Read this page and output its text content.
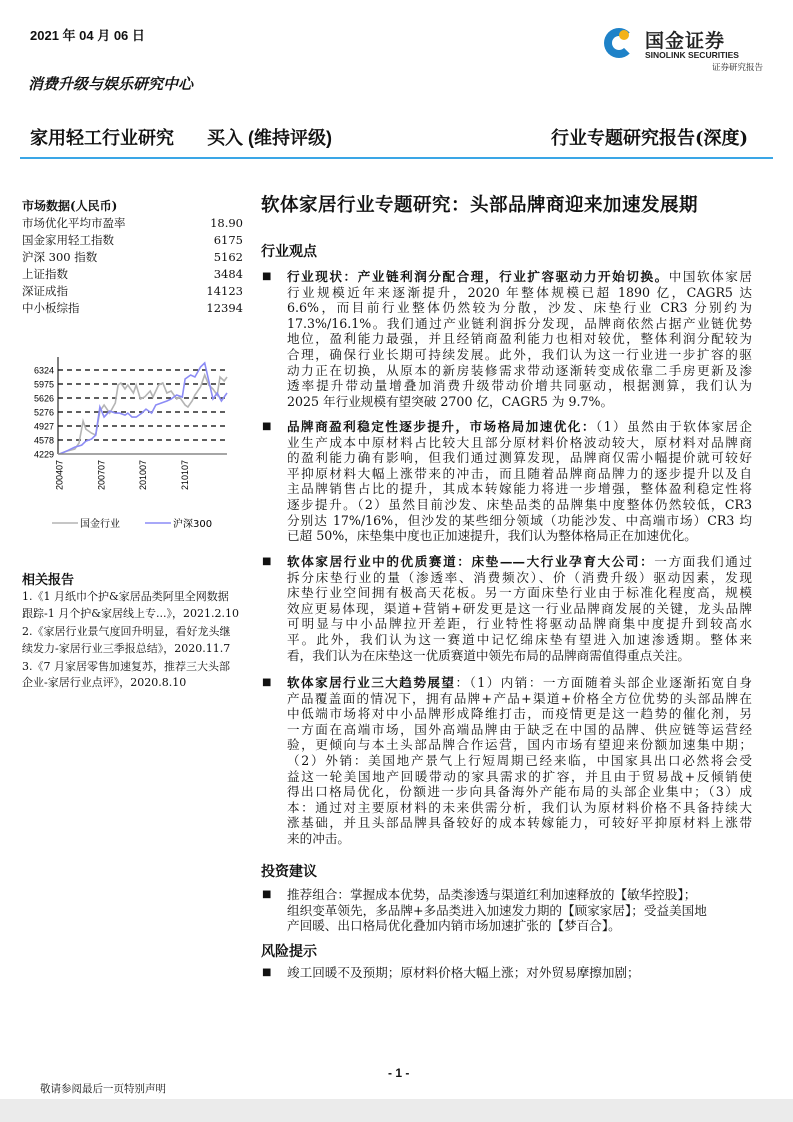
2021 年 04 月 06 日	国金证券
SINOLINK SECURITIES
证券研究报告
消费升级与娱乐研究中心
家用轻工行业研究 买入 (维持评级)	行业专题研究报告(深度)
市场数据(人民币)
市场优化平均市盈率	18.90
国金家用轻工指数	6175
沪深 300 指数	5162
上证指数	3484
深证成指	14123
中小板综指	12394
4229
4578
4927
5276
5626
5975
6324
200407	200707	201007	210107
国金行业	沪深300
相关报告
1.《1 月纸巾个护&家居品类阿里全网数据
跟踪-1 月个护&家居线上专...》，2021.2.10
2.《家居行业景气度回升明显，看好龙头继
续发力-家居行业三季报总结》，2020.11.7
3.《7 月家居零售加速复苏，推荐三大头部
企业-家居行业点评》，2020.8.10
软体家居行业专题研究：头部品牌商迎来加速发展期
行业观点
■ 行业现状：产业链利润分配合理，行业扩容驱动力开始切换。中国软体家居
行业规模近年来逐渐提升，2020 年整体规模已超 1890 亿，CAGR5 达
6.6%，而目前行业整体仍然较为分散，沙发、床垫行业 CR3 分别约为
17.3%/16.1%。我们通过产业链利润拆分发现，品牌商依然占据产业链优势
地位，盈利能力最强，并且经销商盈利能力也相对较优，整体利润分配较为
合理，确保行业长期可持续发展。此外，我们认为这一行业进一步扩容的驱
动力正在切换，从原本的新房装修需求带动逐渐转变成依靠二手房更新及渗
透率提升带动量增叠加消费升级带动价增共同驱动，根据测算，我们认为
2025 年行业规模有望突破 2700 亿，CAGR5 为 9.7%。
■ 品牌商盈利稳定性逐步提升，市场格局加速优化：（1）虽然由于软体家居企
业生产成本中原材料占比较大且部分原材料价格波动较大，原材料对品牌商
的盈利能力确有影响，但我们通过测算发现，品牌商仅需小幅提价就可较好
平抑原材料大幅上涨带来的冲击，而且随着品牌商品牌力的逐步提升以及自
主品牌销售占比的提升，其成本转嫁能力将进一步增强，整体盈利稳定性将
逐步提升。（2）虽然目前沙发、床垫品类的品牌集中度整体仍然较低，CR3
分别达 17%/16%，但沙发的某些细分领域（功能沙发、中高端市场）CR3 均
已超 50%，床垫集中度也正加速提升，我们认为整体格局正在加速优化。
■ 软体家居行业中的优质赛道：床垫——大行业孕育大公司：一方面我们通过
拆分床垫行业的量（渗透率、消费频次）、价（消费升级）驱动因素，发现
床垫行业空间拥有极高天花板。另一方面床垫行业由于标准化程度高，规模
效应更易体现，渠道+营销+研发更是这一行业品牌商发展的关键，龙头品牌
可明显与中小品牌拉开差距，行业特性将驱动品牌商集中度提升到较高水
平。此外，我们认为这一赛道中记忆绵床垫有望进入加速渗透期。整体来
看，我们认为在床垫这一优质赛道中领先布局的品牌商需值得重点关注。
■ 软体家居行业三大趋势展望：（1）内销：一方面随着头部企业逐渐拓宽自身
产品覆盖面的情况下，拥有品牌+产品+渠道+价格全方位优势的头部品牌在
中低端市场将对中小品牌形成降维打击，而疫情更是这一趋势的催化剂，另
一方面在高端市场，国外高端品牌由于缺乏在中国的品牌、供应链等运营经
验，更倾向与本土头部品牌合作运营，国内市场有望迎来份额加速集中期；
（2）外销：美国地产景气上行短周期已经来临，中国家具出口必然将会受
益这一轮美国地产回暖带动的家具需求的扩容，并且由于贸易战+反倾销使
得出口格局优化，份额进一步向具备海外产能布局的头部企业集中；（3）成
本：通过对主要原材料的未来供需分析，我们认为原材料价格不具备持续大
涨基础，并且头部品牌具备较好的成本转嫁能力，可较好平抑原材料上涨带
来的冲击。
投资建议
■ 推荐组合：掌握成本优势，品类渗透与渠道红利加速释放的【敏华控股】；
组织变革领先，多品牌+多品类进入加速发力期的【顾家家居】；受益美国地
产回暖、出口格局优化叠加内销市场加速扩张的【梦百合】。
风险提示
■ 竣工回暖不及预期；原材料价格大幅上涨；对外贸易摩擦加剧；
- 1 -
敬请参阅最后一页特别声明
